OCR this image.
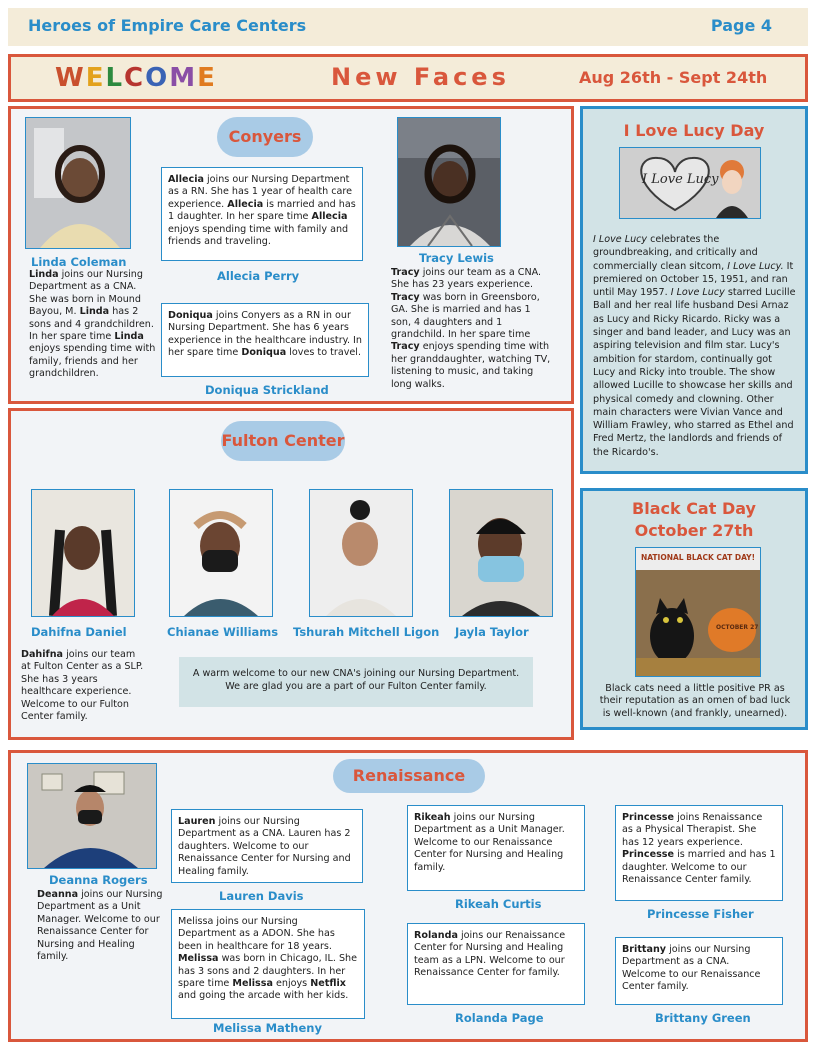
Heroes of Empire Care Centers	Page 4
WELCOME	New Faces	Aug 26th - Sept 24th
Conyers
Linda Coleman
Linda joins our Nursing Department as a CNA. She was born in Mound Bayou, M. Linda has 2 sons and 4 grandchildren. In her spare time Linda enjoys spending time with family, friends and her grandchildren.
Allecia joins our Nursing Department as a RN. She has 1 year of health care experience. Allecia is married and has 1 daughter. In her spare time Allecia enjoys spending time with family and friends and traveling.
Allecia Perry
Doniqua joins Conyers as a RN in our Nursing Department. She has 6 years experience in the healthcare industry. In her spare time Doniqua loves to travel.
Doniqua Strickland
Tracy Lewis
Tracy joins our team as a CNA. She has 23 years experience. Tracy was born in Greensboro, GA. She is married and has 1 son, 4 daughters and 1 grandchild. In her spare time Tracy enjoys spending time with her granddaughter, watching TV, listening to music, and taking long walks.
Fulton Center
Dahifna Daniel	Chianae Williams Tshurah Mitchell Ligon Jayla Taylor
Dahifna joins our team at Fulton Center as a SLP. She has 3 years healthcare experience. Welcome to our Fulton Center family.
A warm welcome to our new CNA's joining our Nursing Department.
We are glad you are a part of our Fulton Center family.
I Love Lucy Day
I Love Lucy
I Love Lucy celebrates the groundbreaking, and critically and commercially clean sitcom, I Love Lucy. It premiered on October 15, 1951, and ran until May 1957. I Love Lucy starred Lucille Ball and her real life husband Desi Arnaz as Lucy and Ricky Ricardo. Ricky was a singer and band leader, and Lucy was an aspiring television and film star. Lucy's ambition for stardom, continually got Lucy and Ricky into trouble. The show allowed Lucille to showcase her skills and physical comedy and clowning. Other main characters were Vivian Vance and William Frawley, who starred as Ethel and Fred Mertz, the landlords and friends of the Ricardo's.
Black Cat Day
October 27th
NATIONAL BLACK CAT DAY!
OCTOBER 27
Black cats need a little positive PR as their reputation as an omen of bad luck is well-known (and frankly, unearned).
Renaissance
Deanna Rogers
Deanna joins our Nursing Department as a Unit Manager. Welcome to our Renaissance Center for Nursing and Healing family.
Lauren joins our Nursing Department as a CNA. Lauren has 2 daughters. Welcome to our Renaissance Center for Nursing and Healing family.
Lauren Davis
Melissa joins our Nursing Department as a ADON. She has been in healthcare for 18 years. Melissa was born in Chicago, IL. She has 3 sons and 2 daughters. In her spare time Melissa enjoys Netflix and going the arcade with her kids.
Melissa Matheny
Rikeah joins our Nursing Department as a Unit Manager. Welcome to our Renaissance Center for Nursing and Healing family.
Rikeah Curtis
Rolanda joins our Renaissance Center for Nursing and Healing team as a LPN. Welcome to our Renaissance Center for family.
Rolanda Page
Princesse joins Renaissance as a Physical Therapist. She has 12 years experience. Princesse is married and has 1 daughter. Welcome to our Renaissance Center family.
Princesse Fisher
Brittany joins our Nursing Department as a CNA. Welcome to our Renaissance Center family.
Brittany Green
